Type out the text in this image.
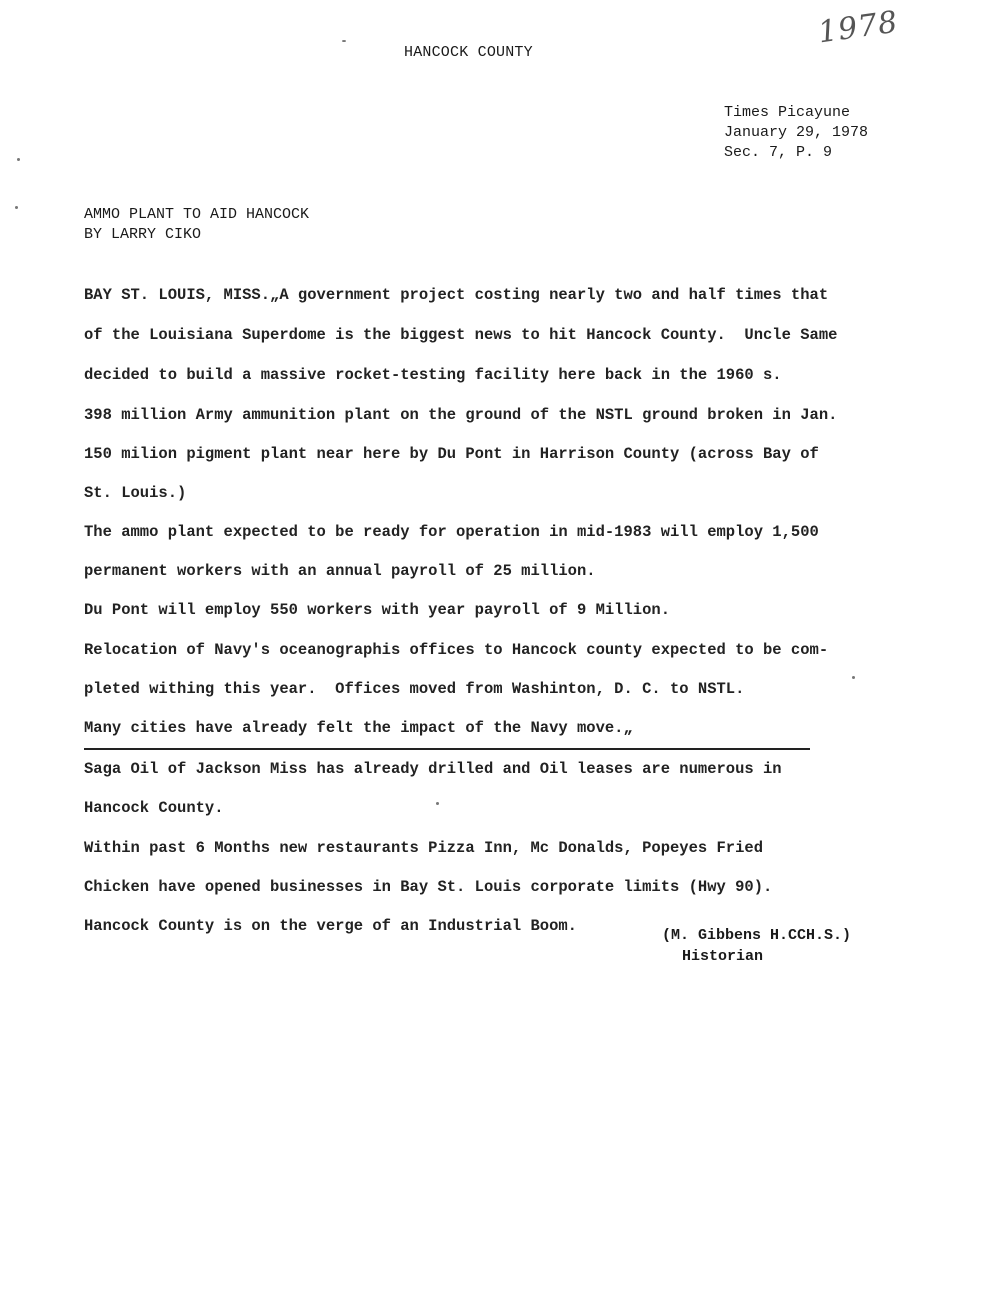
HANCOCK COUNTY
1978
Times Picayune
January 29, 1978
Sec. 7, P. 9
AMMO PLANT TO AID HANCOCK
BY LARRY CIKO
BAY ST. LOUIS, MISS.„A government project costing nearly two and half times that
of the Louisiana Superdome is the biggest news to hit Hancock County.  Uncle Same
decided to build a massive rocket-testing facility here back in the 1960 s.
398 million Army ammunition plant on the ground of the NSTL ground broken in Jan.
150 milion pigment plant near here by Du Pont in Harrison County (across Bay of
St. Louis.)
The ammo plant expected to be ready for operation in mid-1983 will employ 1,500
permanent workers with an annual payroll of 25 million.
Du Pont will employ 550 workers with year payroll of 9 Million.
Relocation of Navy's oceanographis offices to Hancock county expected to be com-
pleted withing this year.  Offices moved from Washinton, D. C. to NSTL.
Many cities have already felt the impact of the Navy move.„
Saga Oil of Jackson Miss has already drilled and Oil leases are numerous in
Hancock County.
Within past 6 Months new restaurants Pizza Inn, Mc Donalds, Popeyes Fried
Chicken have opened businesses in Bay St. Louis corporate limits (Hwy 90).
Hancock County is on the verge of an Industrial Boom.
(M. Gibbens H.CCH.S.)
Historian
